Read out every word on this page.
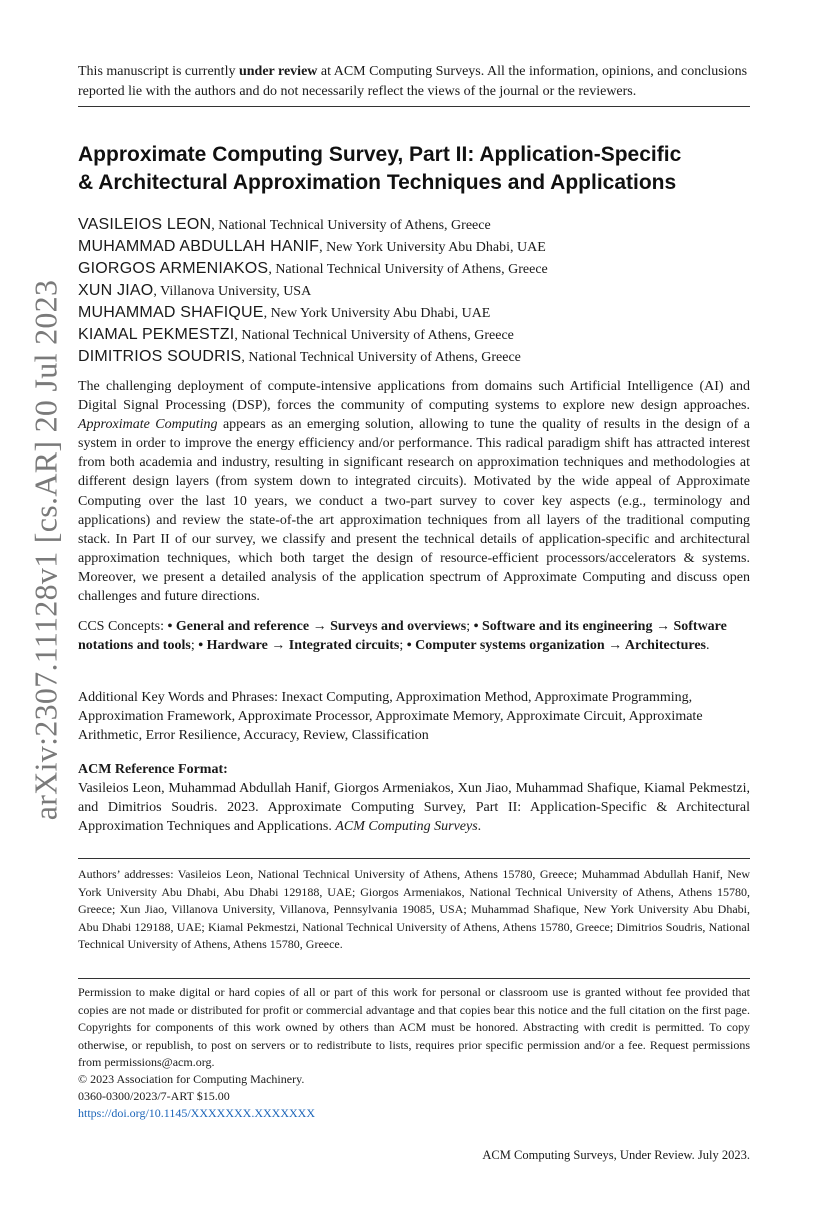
arXiv:2307.11128v1 [cs.AR] 20 Jul 2023
This manuscript is currently under review at ACM Computing Surveys. All the information, opinions, and conclusions reported lie with the authors and do not necessarily reflect the views of the journal or the reviewers.
Approximate Computing Survey, Part II: Application-Specific
& Architectural Approximation Techniques and Applications
VASILEIOS LEON, National Technical University of Athens, Greece
MUHAMMAD ABDULLAH HANIF, New York University Abu Dhabi, UAE
GIORGOS ARMENIAKOS, National Technical University of Athens, Greece
XUN JIAO, Villanova University, USA
MUHAMMAD SHAFIQUE, New York University Abu Dhabi, UAE
KIAMAL PEKMESTZI, National Technical University of Athens, Greece
DIMITRIOS SOUDRIS, National Technical University of Athens, Greece

The challenging deployment of compute-intensive applications from domains such Artificial Intelligence (AI) and Digital Signal Processing (DSP), forces the community of computing systems to explore new design approaches. Approximate Computing appears as an emerging solution, allowing to tune the quality of results in the design of a system in order to improve the energy efficiency and/or performance. This radical paradigm shift has attracted interest from both academia and industry, resulting in significant research on approximation techniques and methodologies at different design layers (from system down to integrated circuits). Motivated by the wide appeal of Approximate Computing over the last 10 years, we conduct a two-part survey to cover key aspects (e.g., terminology and applications) and review the state-of-the art approximation techniques from all layers of the traditional computing stack. In Part II of our survey, we classify and present the technical details of application-specific and architectural approximation techniques, which both target the design of resource-efficient processors/accelerators & systems. Moreover, we present a detailed analysis of the application spectrum of Approximate Computing and discuss open challenges and future directions.

CCS Concepts: • General and reference → Surveys and overviews; • Software and its engineering → Software notations and tools; • Hardware → Integrated circuits; • Computer systems organization → Architectures.

Additional Key Words and Phrases: Inexact Computing, Approximation Method, Approximate Programming, Approximation Framework, Approximate Processor, Approximate Memory, Approximate Circuit, Approximate Arithmetic, Error Resilience, Accuracy, Review, Classification

ACM Reference Format:

Vasileios Leon, Muhammad Abdullah Hanif, Giorgos Armeniakos, Xun Jiao, Muhammad Shafique, Kiamal Pekmestzi, and Dimitrios Soudris. 2023. Approximate Computing Survey, Part II: Application-Specific & Architectural Approximation Techniques and Applications. ACM Computing Surveys.

Authors’ addresses: Vasileios Leon, National Technical University of Athens, Athens 15780, Greece; Muhammad Abdullah Hanif, New York University Abu Dhabi, Abu Dhabi 129188, UAE; Giorgos Armeniakos, National Technical University of Athens, Athens 15780, Greece; Xun Jiao, Villanova University, Villanova, Pennsylvania 19085, USA; Muhammad Shafique, New York University Abu Dhabi, Abu Dhabi 129188, UAE; Kiamal Pekmestzi, National Technical University of Athens, Athens 15780, Greece; Dimitrios Soudris, National Technical University of Athens, Athens 15780, Greece.

Permission to make digital or hard copies of all or part of this work for personal or classroom use is granted without fee provided that copies are not made or distributed for profit or commercial advantage and that copies bear this notice and the full citation on the first page. Copyrights for components of this work owned by others than ACM must be honored. Abstracting with credit is permitted. To copy otherwise, or republish, to post on servers or to redistribute to lists, requires prior specific permission and/or a fee. Request permissions from permissions@acm.org.

© 2023 Association for Computing Machinery.
0360-0300/2023/7-ART $15.00
https://doi.org/10.1145/XXXXXXX.XXXXXXX
ACM Computing Surveys, Under Review. July 2023.
